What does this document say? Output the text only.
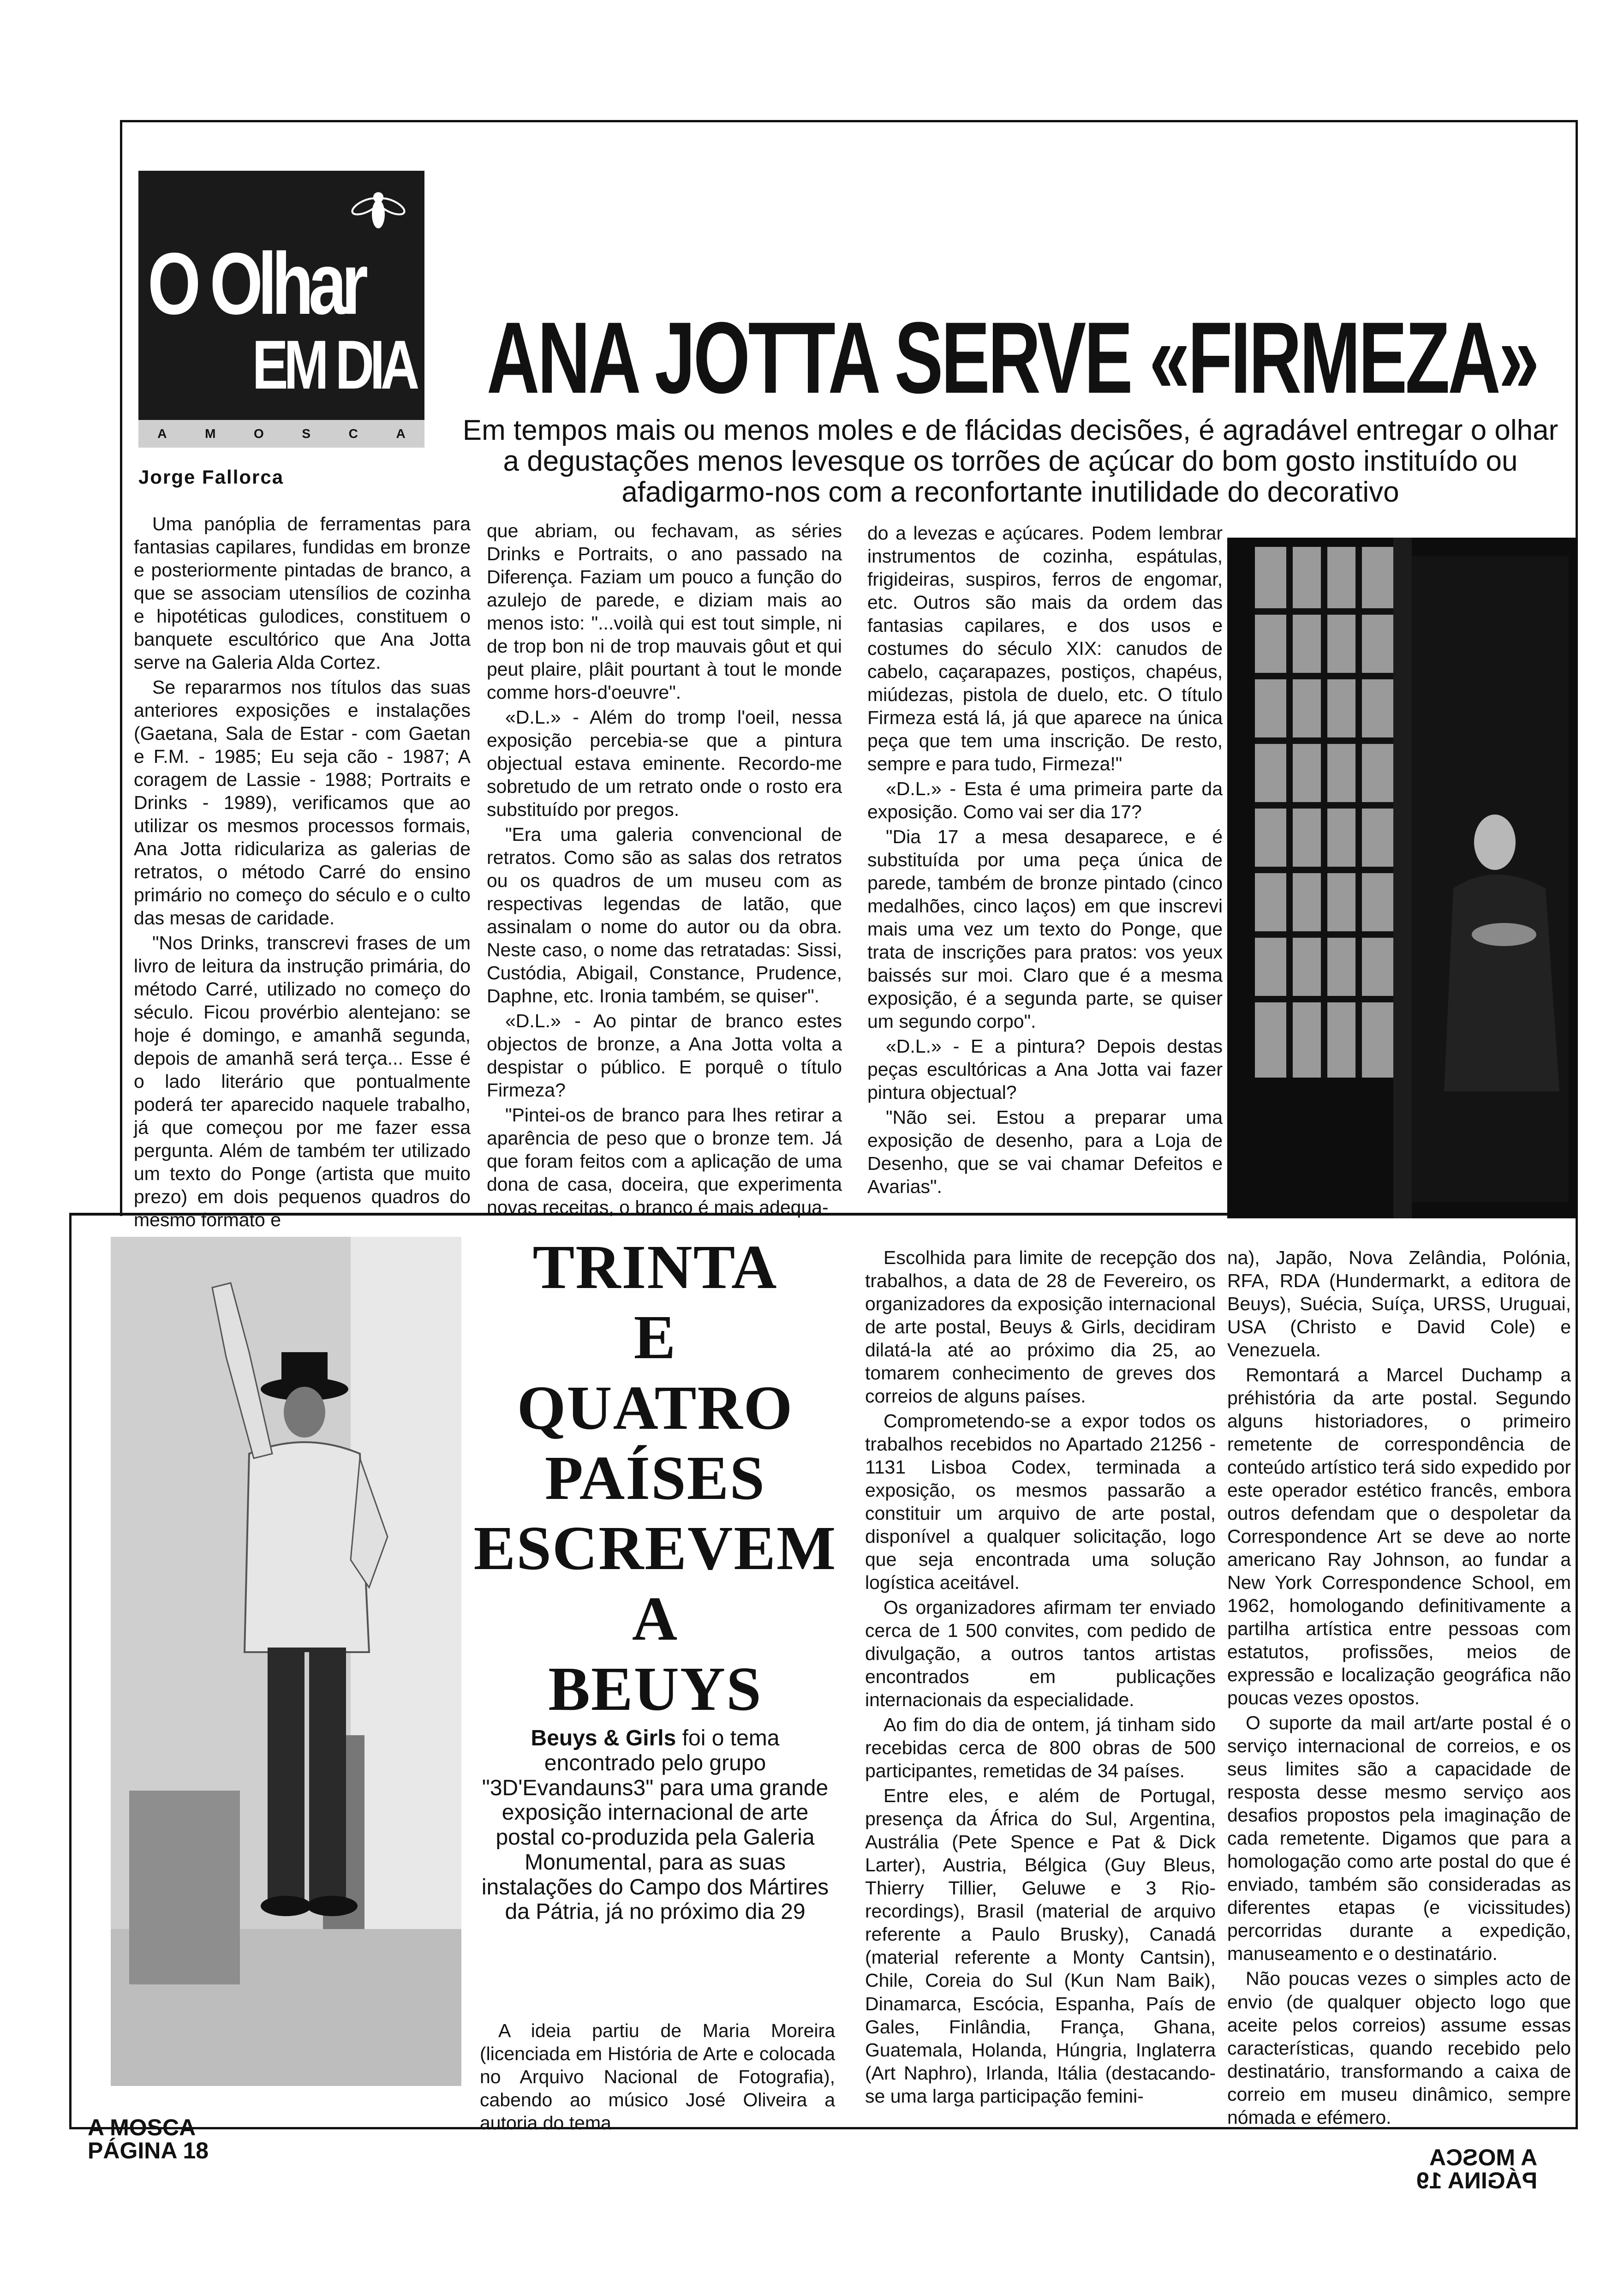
O Olhar
EM DIA
A	M	O	S	C	A
Jorge Fallorca
ANA JOTTA SERVE «FIRMEZA»
Em tempos mais ou menos moles e de flácidas decisões, é agradável entregar o olhar a degustações menos levesque os torrões de açúcar do bom gosto instituído ou afadigarmo-nos com a reconfortante inutilidade do decorativo

Uma panóplia de ferramentas para fantasias capilares, fundidas em bronze e posteriormente pintadas de branco, a que se associam utensílios de cozinha e hipotéticas gulodices, constituem o banquete escultórico que Ana Jotta serve na Galeria Alda Cortez.

Se repararmos nos títulos das suas anteriores exposições e instalações (Gaetana, Sala de Estar - com Gaetan e F.M. - 1985; Eu seja cão - 1987; A coragem de Lassie - 1988; Portraits e Drinks - 1989), verificamos que ao utilizar os mesmos processos formais, Ana Jotta ridiculariza as galerias de retratos, o método Carré do ensino primário no começo do século e o culto das mesas de caridade.

"Nos Drinks, transcrevi frases de um livro de leitura da instrução primária, do método Carré, utilizado no começo do século. Ficou provérbio alentejano: se hoje é domingo, e amanhã segunda, depois de amanhã será terça... Esse é o lado literário que pontualmente poderá ter aparecido naquele trabalho, já que começou por me fazer essa pergunta. Além de também ter utilizado um texto do Ponge (artista que muito prezo) em dois pequenos quadros do mesmo formato e

que abriam, ou fechavam, as séries Drinks e Portraits, o ano passado na Diferença. Faziam um pouco a função do azulejo de parede, e diziam mais ao menos isto: "...voilà qui est tout simple, ni de trop bon ni de trop mauvais gôut et qui peut plaire, plâit pourtant à tout le monde comme hors-d'oeuvre".

«D.L.» - Além do tromp l'oeil, nessa exposição percebia-se que a pintura objectual estava eminente. Recordo-me sobretudo de um retrato onde o rosto era substituído por pregos.

"Era uma galeria convencional de retratos. Como são as salas dos retratos ou os quadros de um museu com as respectivas legendas de latão, que assinalam o nome do autor ou da obra. Neste caso, o nome das retratadas: Sissi, Custódia, Abigail, Constance, Prudence, Daphne, etc. Ironia também, se quiser".

«D.L.» - Ao pintar de branco estes objectos de bronze, a Ana Jotta volta a despistar o público. E porquê o título Firmeza?

"Pintei-os de branco para lhes retirar a aparência de peso que o bronze tem. Já que foram feitos com a aplicação de uma dona de casa, doceira, que experimenta novas receitas, o branco é mais adequa-

do a levezas e açúcares. Podem lembrar instrumentos de cozinha, espátulas, frigideiras, suspiros, ferros de engomar, etc. Outros são mais da ordem das fantasias capilares, e dos usos e costumes do século XIX: canudos de cabelo, caçarapazes, postiços, chapéus, miúdezas, pistola de duelo, etc. O título Firmeza está lá, já que aparece na única peça que tem uma inscrição. De resto, sempre e para tudo, Firmeza!"

«D.L.» - Esta é uma primeira parte da exposição. Como vai ser dia 17?

"Dia 17 a mesa desaparece, e é substituída por uma peça única de parede, também de bronze pintado (cinco medalhões, cinco laços) em que inscrevi mais uma vez um texto do Ponge, que trata de inscrições para pratos: vos yeux baissés sur moi. Claro que é a mesma exposição, é a segunda parte, se quiser um segundo corpo".

«D.L.» - E a pintura? Depois destas peças escultóricas a Ana Jotta vai fazer pintura objectual?

"Não sei. Estou a preparar uma exposição de desenho, para a Loja de Desenho, que se vai chamar Defeitos e Avarias".

TRINTA
E
QUATRO
PAÍSES
ESCREVEM
A
BEUYS
Beuys & Girls foi o tema encontrado pelo grupo "3D'Evandauns3" para uma grande exposição internacional de arte postal co-produzida pela Galeria Monumental, para as suas instalações do Campo dos Mártires da Pátria, já no próximo dia 29

A ideia partiu de Maria Moreira (licenciada em História de Arte e colocada no Arquivo Nacional de Fotografia), cabendo ao músico José Oliveira a autoria do tema.

Escolhida para limite de recepção dos trabalhos, a data de 28 de Fevereiro, os organizadores da exposição internacional de arte postal, Beuys & Girls, decidiram dilatá-la até ao próximo dia 25, ao tomarem conhecimento de greves dos correios de alguns países.

Comprometendo-se a expor todos os trabalhos recebidos no Apartado 21256 - 1131 Lisboa Codex, terminada a exposição, os mesmos passarão a constituir um arquivo de arte postal, disponível a qualquer solicitação, logo que seja encontrada uma solução logística aceitável.

Os organizadores afirmam ter enviado cerca de 1 500 convites, com pedido de divulgação, a outros tantos artistas encontrados em publicações internacionais da especialidade.

Ao fim do dia de ontem, já tinham sido recebidas cerca de 800 obras de 500 participantes, remetidas de 34 países.

Entre eles, e além de Portugal, presença da África do Sul, Argentina, Austrália (Pete Spence e Pat & Dick Larter), Austria, Bélgica (Guy Bleus, Thierry Tillier, Geluwe e 3 Rio-recordings), Brasil (material de arquivo referente a Paulo Brusky), Canadá (material referente a Monty Cantsin), Chile, Coreia do Sul (Kun Nam Baik), Dinamarca, Escócia, Espanha, País de Gales, Finlândia, França, Ghana, Guatemala, Holanda, Húngria, Inglaterra (Art Naphro), Irlanda, Itália (destacando-se uma larga participação femini-

na), Japão, Nova Zelândia, Polónia, RFA, RDA (Hundermarkt, a editora de Beuys), Suécia, Suíça, URSS, Uruguai, USA (Christo e David Cole) e Venezuela.

Remontará a Marcel Duchamp a préhistória da arte postal. Segundo alguns historiadores, o primeiro remetente de correspondência de conteúdo artístico terá sido expedido por este operador estético francês, embora outros defendam que o despoletar da Correspondence Art se deve ao norte americano Ray Johnson, ao fundar a New York Correspondence School, em 1962, homologando definitivamente a partilha artística entre pessoas com estatutos, profissões, meios de expressão e localização geográfica não poucas vezes opostos.

O suporte da mail art/arte postal é o serviço internacional de correios, e os seus limites são a capacidade de resposta desse mesmo serviço aos desafios propostos pela imaginação de cada remetente. Digamos que para a homologação como arte postal do que é enviado, também são consideradas as diferentes etapas (e vicissitudes) percorridas durante a expedição, manuseamento e o destinatário.

Não poucas vezes o simples acto de envio (de qualquer objecto logo que aceite pelos correios) assume essas características, quando recebido pelo destinatário, transformando a caixa de correio em museu dinâmico, sempre nómada e efémero.

A MOSCA
PÁGINA 18	A MOSCA
PÁGINA 19
